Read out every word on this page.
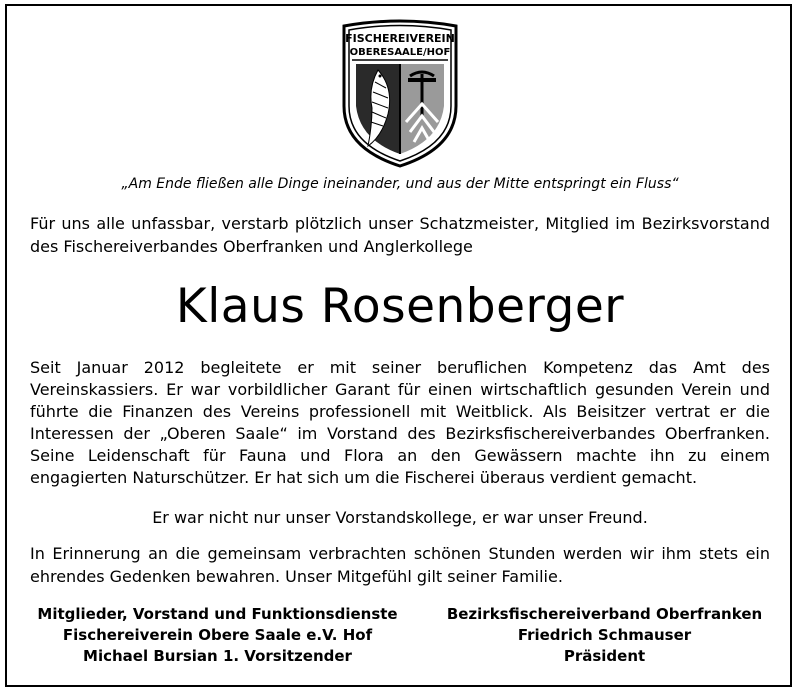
FISCHEREIVEREIN
OBERESAALE/HOF

„Am Ende fließen alle Dinge ineinander, und aus der Mitte entspringt ein Fluss“

Für uns alle unfassbar, verstarb plötzlich unser Schatzmeister, Mitglied im Bezirksvorstand des Fischereiverbandes Oberfranken und Anglerkollege

Klaus Rosenberger

Seit Januar 2012 begleitete er mit seiner beruflichen Kompetenz das Amt des Vereinskassiers. Er war vorbildlicher Garant für einen wirtschaftlich gesunden Verein und führte die Finanzen des Vereins professionell mit Weitblick. Als Beisitzer vertrat er die Interessen der „Oberen Saale“ im Vorstand des Bezirksfischereiverbandes Oberfranken. Seine Leidenschaft für Fauna und Flora an den Gewässern machte ihn zu einem engagierten Naturschützer. Er hat sich um die Fischerei überaus verdient gemacht.

Er war nicht nur unser Vorstandskollege, er war unser Freund.

In Erinnerung an die gemeinsam verbrachten schönen Stunden werden wir ihm stets ein ehrendes Gedenken bewahren. Unser Mitgefühl gilt seiner Familie.

Mitglieder, Vorstand und Funktionsdienste
Fischereiverein Obere Saale e.V. Hof
Michael Bursian 1. Vorsitzender
Bezirksfischereiverband Oberfranken
Friedrich Schmauser
Präsident
